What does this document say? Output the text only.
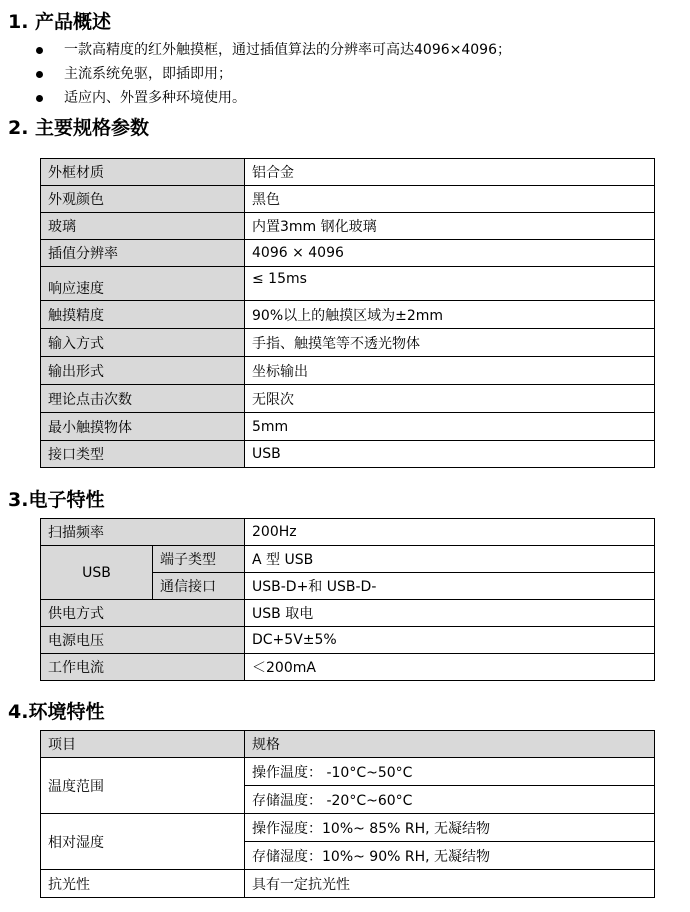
1. 产品概述
一款高精度的红外触摸框，通过插值算法的分辨率可高达4096×4096；
主流系统免驱，即插即用；
适应内、外置多种环境使用。
2. 主要规格参数
外框材质	铝合金
外观颜色	黑色
玻璃	内置3mm 钢化玻璃
插值分辨率	4096 × 4096
响应速度	≤ 15ms
触摸精度	90%以上的触摸区域为±2mm
输入方式	手指、触摸笔等不透光物体
输出形式	坐标输出
理论点击次数	无限次
最小触摸物体	5mm
接口类型	USB
3.电子特性
扫描频率		200Hz
USB	端子类型	A 型 USB
	通信接口	USB-D+和 USB-D-
供电方式		USB 取电
电源电压		DC+5V±5%
工作电流		＜200mA
4.环境特性
项目	规格
温度范围	操作温度： -10°C~50°C
	存储温度： -20°C~60°C
相对湿度	操作湿度：10%~ 85% RH, 无凝结物
	存储湿度：10%~ 90% RH, 无凝结物
抗光性	具有一定抗光性
